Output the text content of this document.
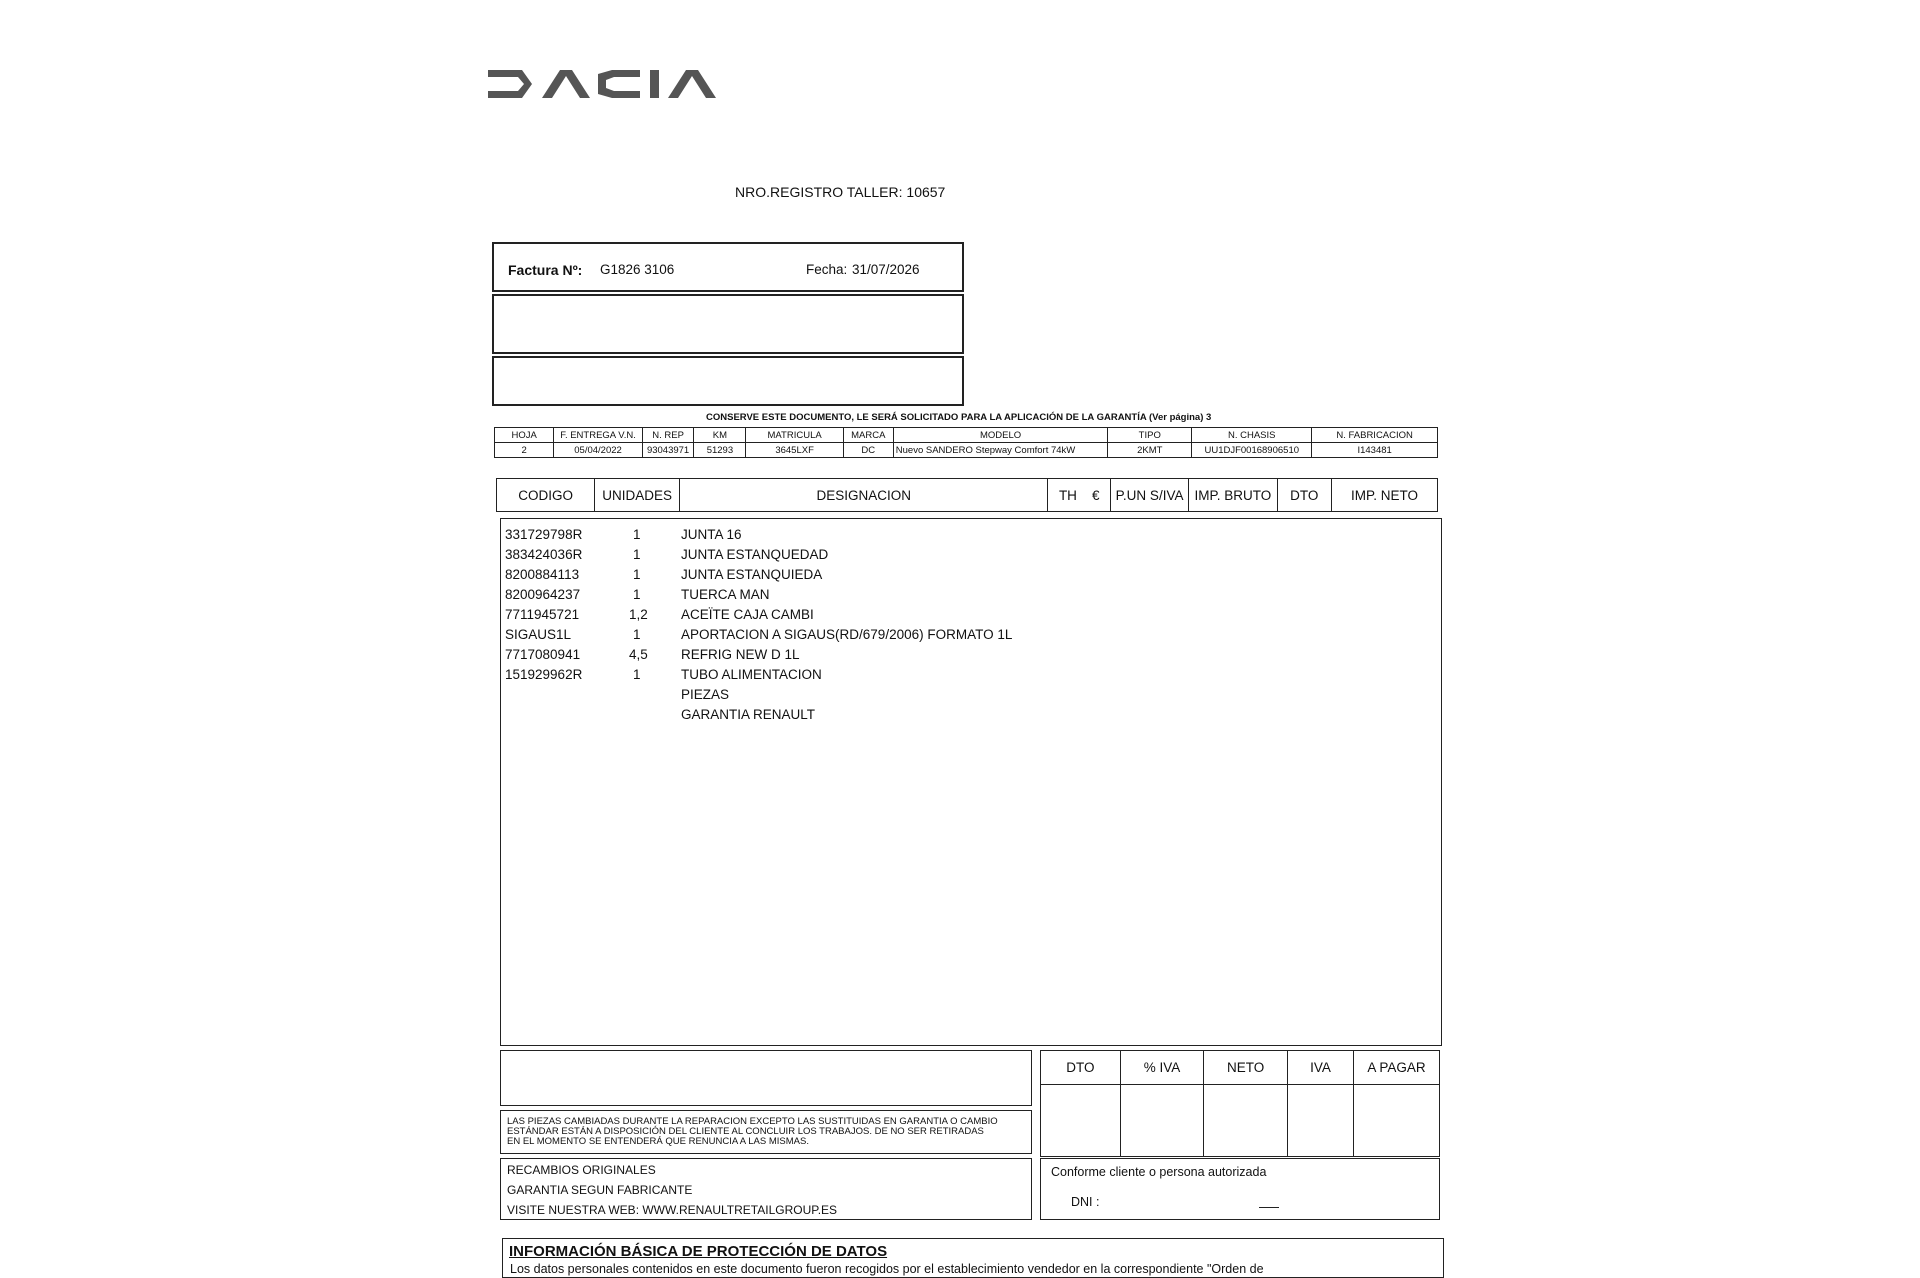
NRO.REGISTRO TALLER: 10657
Factura Nº: G1826 3106	Fecha: 31/07/2026
CONSERVE ESTE DOCUMENTO, LE SERÁ SOLICITADO PARA LA APLICACIÓN DE LA GARANTÍA (Ver página) 3
HOJA	F. ENTREGA V.N.	N. REP	KM	MATRICULA	MARCA	MODELO	TIPO	N. CHASIS	N. FABRICACION
2	05/04/2022	93043971	51293	3645LXF	DC	Nuevo SANDERO Stepway Comfort 74kW	2KMT	UU1DJF00168906510	I143481
CODIGO	UNIDADES	DESIGNACION	TH €	P.UN S/IVA	IMP. BRUTO	DTO	IMP. NETO
331729798R	1	JUNTA 16
383424036R	1	JUNTA ESTANQUEDAD
8200884113	1	JUNTA ESTANQUIEDA
8200964237	1	TUERCA MAN
7711945721	1,2 ACEÏTE CAJA CAMBI
SIGAUS1L	1	APORTACION A SIGAUS(RD/679/2006) FORMATO 1L
7717080941	4,5 REFRIG NEW D 1L
151929962R	1	TUBO ALIMENTACION
PIEZAS
GARANTIA RENAULT
LAS PIEZAS CAMBIADAS DURANTE LA REPARACION EXCEPTO LAS SUSTITUIDAS EN GARANTIA O CAMBIO
ESTÁNDAR ESTÁN A DISPOSICIÓN DEL CLIENTE AL CONCLUIR LOS TRABAJOS. DE NO SER RETIRADAS
EN EL MOMENTO SE ENTENDERÁ QUE RENUNCIA A LAS MISMAS.
RECAMBIOS ORIGINALES
GARANTIA SEGUN FABRICANTE
VISITE NUESTRA WEB: WWW.RENAULTRETAILGROUP.ES
DTO	% IVA	NETO	IVA	A PAGAR

Conforme cliente o persona autorizada
DNI :
INFORMACIÓN BÁSICA DE PROTECCIÓN DE DATOS
Los datos personales contenidos en este documento fueron recogidos por el establecimiento vendedor en la correspondiente "Orden de
